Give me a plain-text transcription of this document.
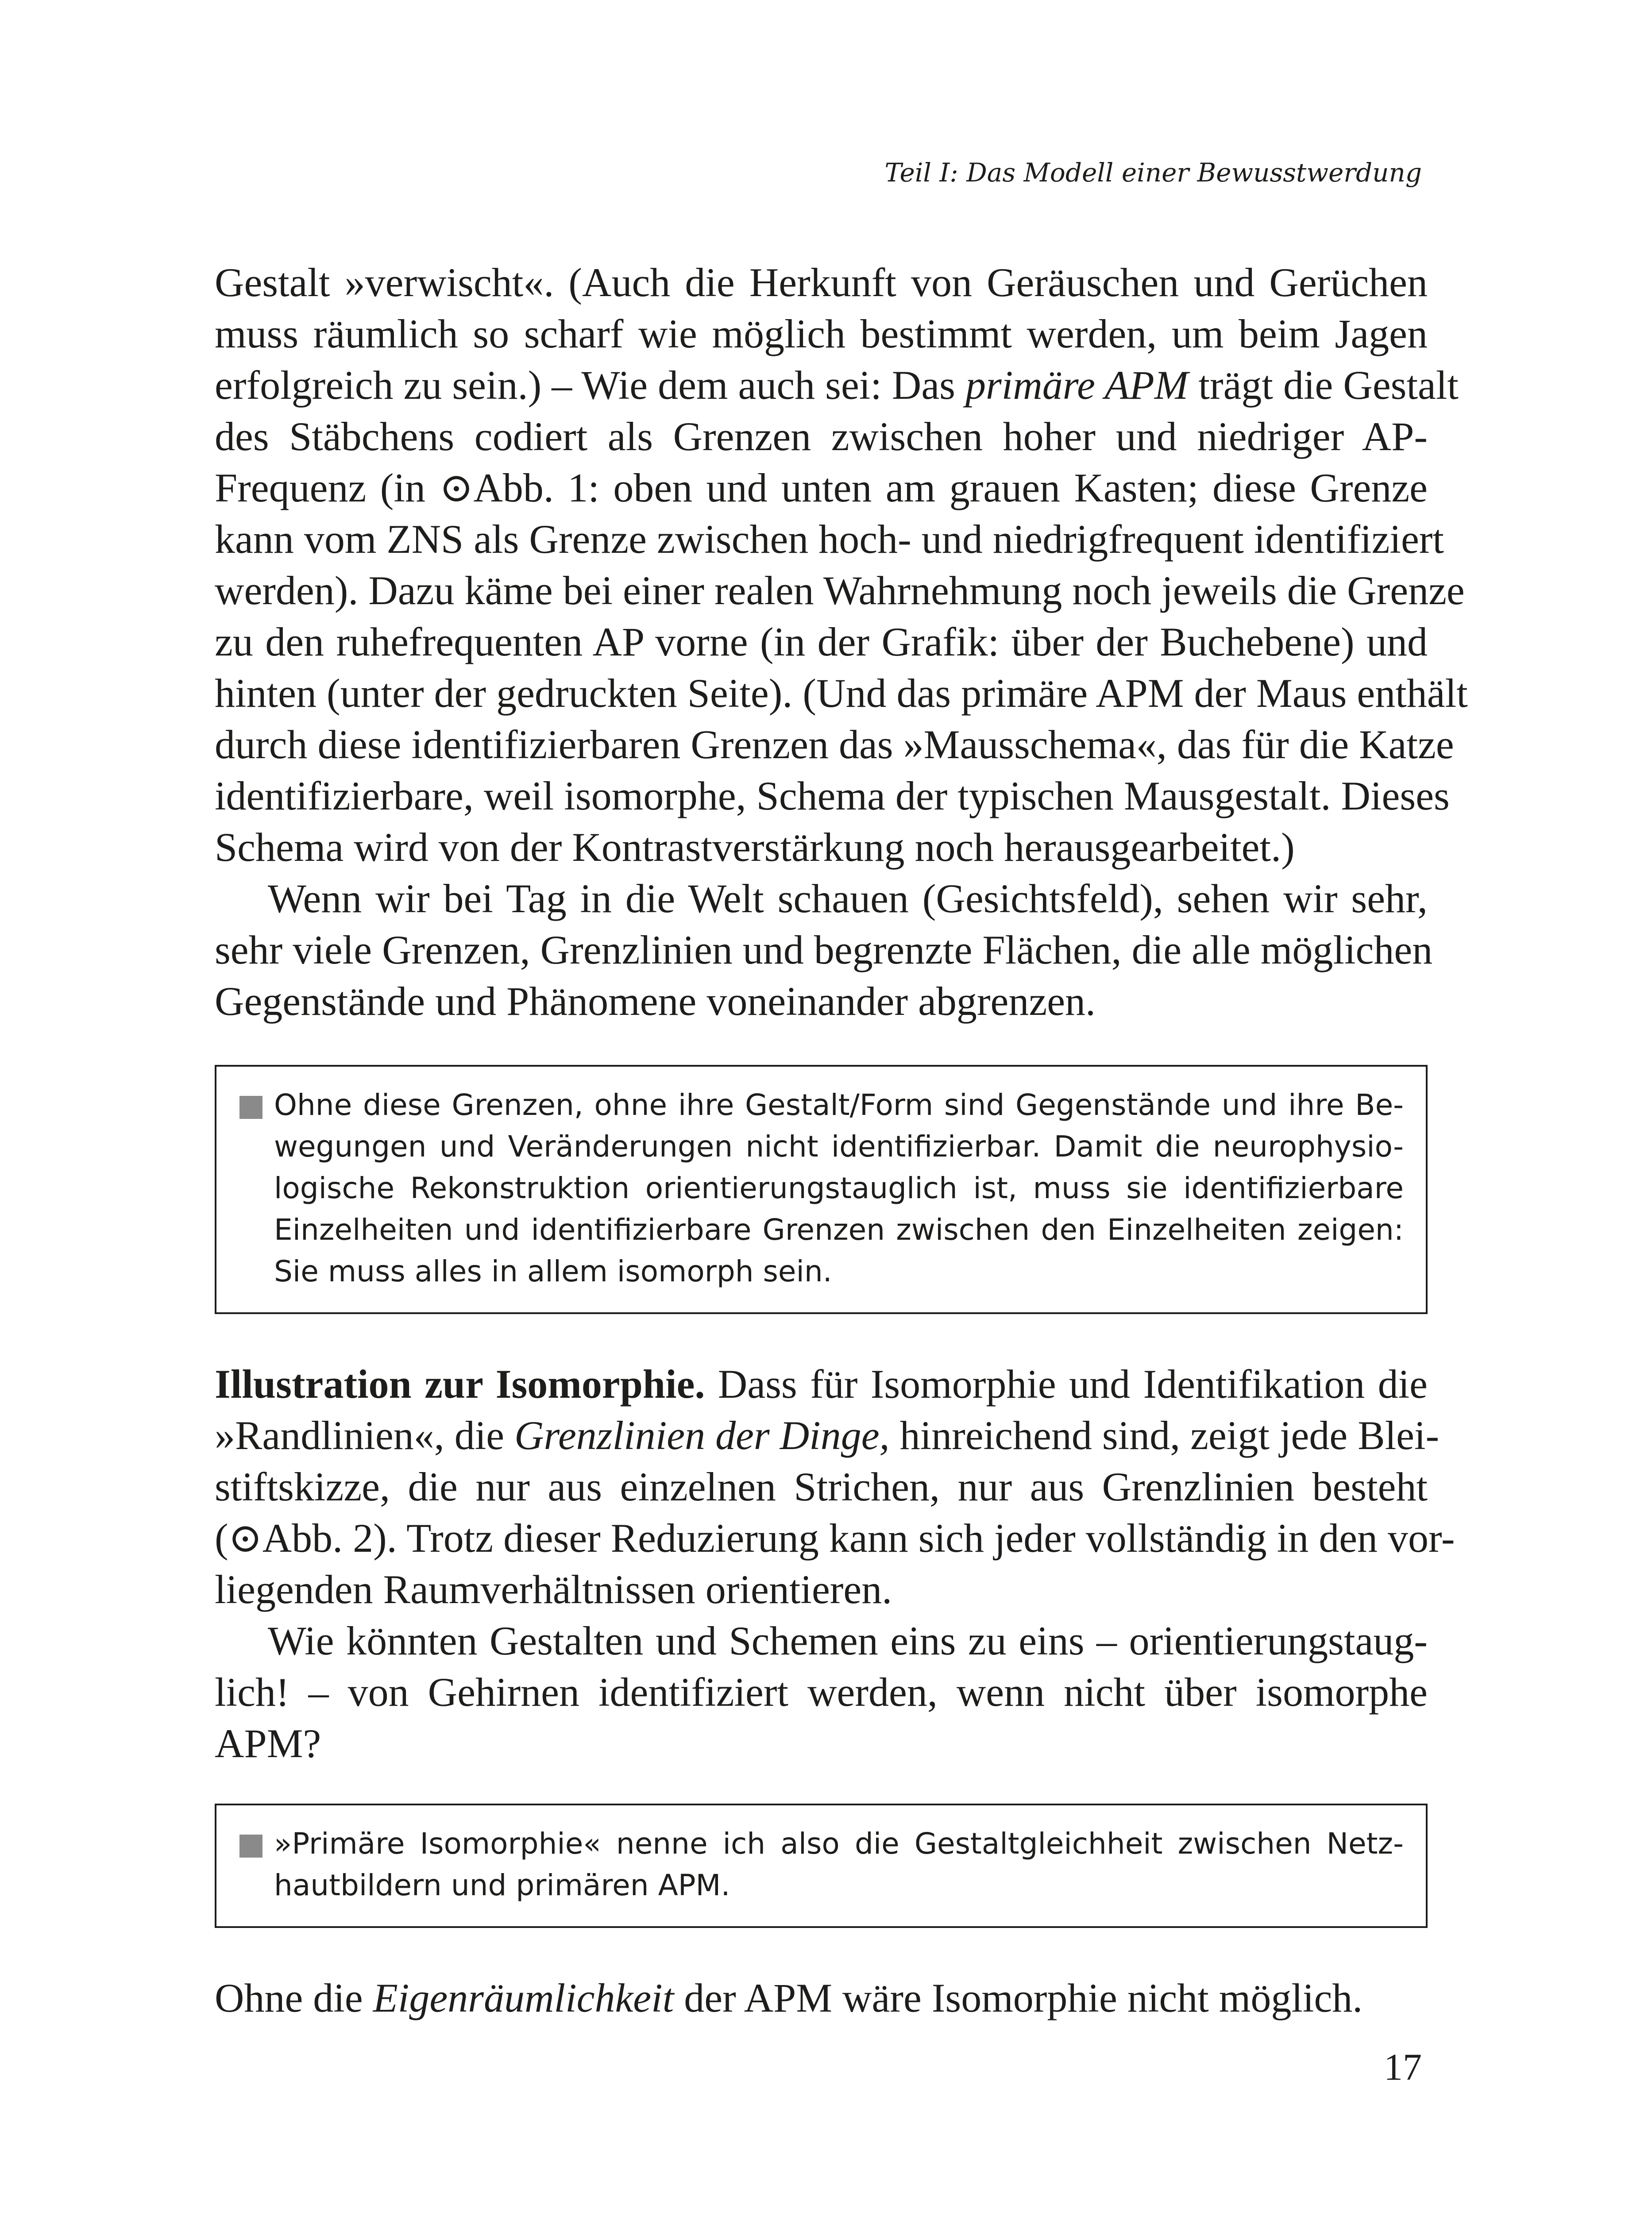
Teil I: Das Modell einer Bewusstwerdung

Gestalt »verwischt«. (Auch die Herkunft von Geräuschen und Gerüchen
muss räumlich so scharf wie möglich bestimmt werden, um beim Jagen
erfolgreich zu sein.) – Wie dem auch sei: Das primäre APM trägt die Gestalt
des Stäbchens codiert als Grenzen zwischen hoher und niedriger AP-
Frequenz (in ⊙Abb. 1: oben und unten am grauen Kasten; diese Grenze
kann vom ZNS als Grenze zwischen hoch- und niedrigfrequent identifiziert
werden). Dazu käme bei einer realen Wahrnehmung noch jeweils die Grenze
zu den ruhefrequenten AP vorne (in der Grafik: über der Buchebene) und
hinten (unter der gedruckten Seite). (Und das primäre APM der Maus enthält
durch diese identifizierbaren Grenzen das »Mausschema«, das für die Katze
identifizierbare, weil isomorphe, Schema der typischen Mausgestalt. Dieses
Schema wird von der Kontrastverstärkung noch herausgearbeitet.)

Wenn wir bei Tag in die Welt schauen (Gesichtsfeld), sehen wir sehr,
sehr viele Grenzen, Grenzlinien und begrenzte Flächen, die alle möglichen
Gegenstände und Phänomene voneinander abgrenzen.

Ohne diese Grenzen, ohne ihre Gestalt/Form sind Gegenstände und ihre Be-
wegungen und Veränderungen nicht identifizierbar. Damit die neurophysio-
logische Rekonstruktion orientierungstauglich ist, muss sie identifizierbare
Einzelheiten und identifizierbare Grenzen zwischen den Einzelheiten zeigen:
Sie muss alles in allem isomorph sein.

Illustration zur Isomorphie. Dass für Isomorphie und Identifikation die
»Randlinien«, die Grenzlinien der Dinge, hinreichend sind, zeigt jede Blei-
stiftskizze, die nur aus einzelnen Strichen, nur aus Grenzlinien besteht
(⊙Abb. 2). Trotz dieser Reduzierung kann sich jeder vollständig in den vor-
liegenden Raumverhältnissen orientieren.

Wie könnten Gestalten und Schemen eins zu eins – orientierungstaug-
lich! – von Gehirnen identifiziert werden, wenn nicht über isomorphe
APM?

»Primäre Isomorphie« nenne ich also die Gestaltgleichheit zwischen Netz-
hautbildern und primären APM.

Ohne die Eigenräumlichkeit der APM wäre Isomorphie nicht möglich.

17
